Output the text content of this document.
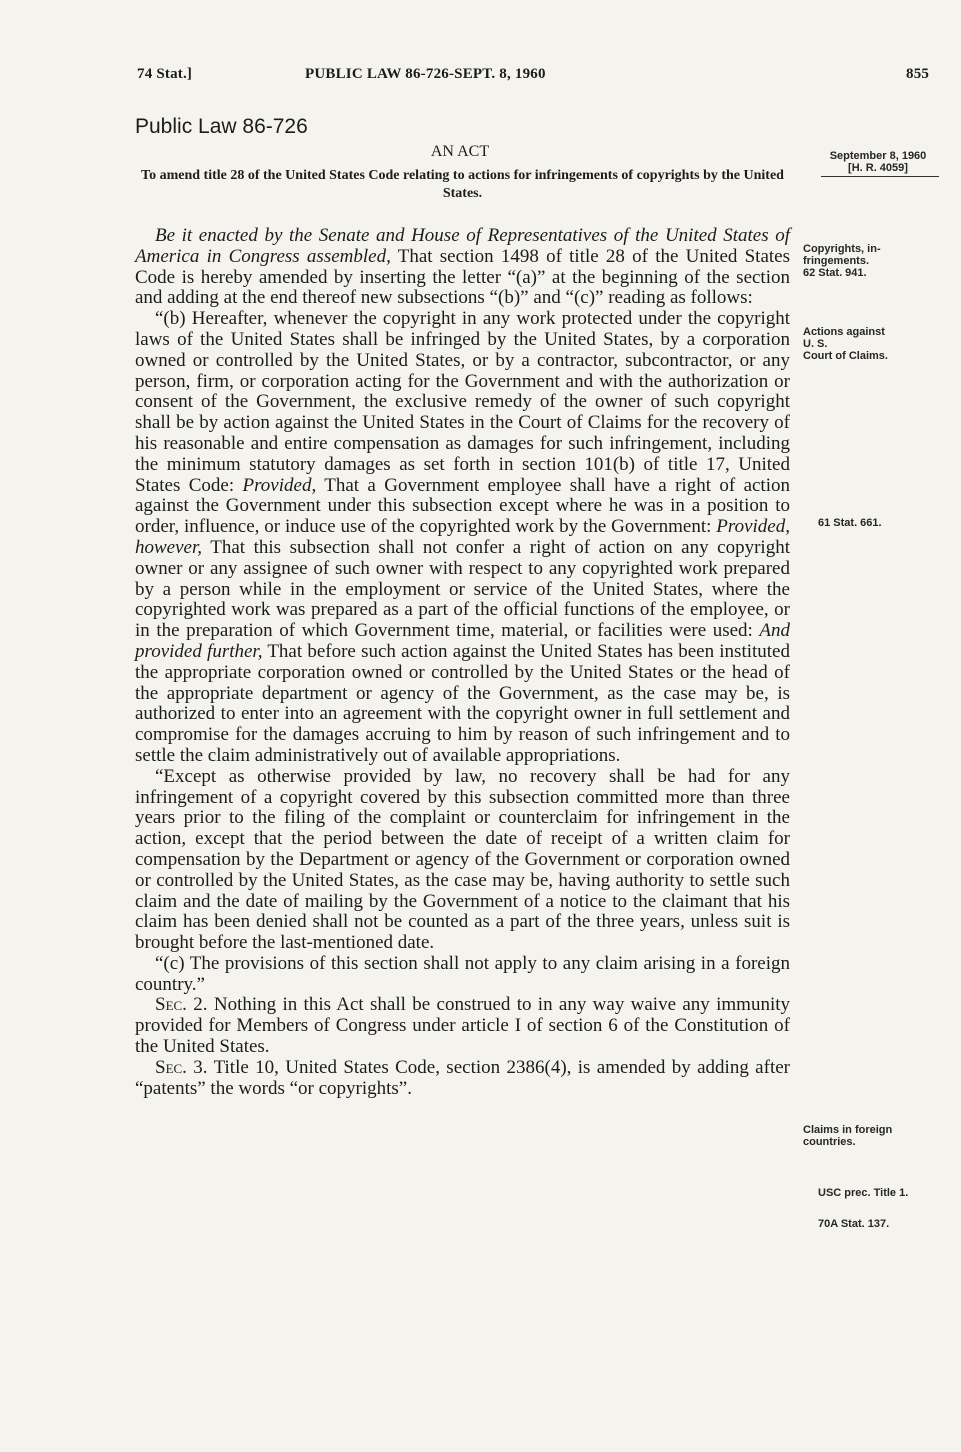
74 Stat.]	PUBLIC LAW 86-726-SEPT. 8, 1960	855
Public Law 86-726
AN ACT
To amend title 28 of the United States Code relating to actions for infringements of copyrights by the United States.

Be it enacted by the Senate and House of Representatives of the United States of America in Congress assembled, That section 1498 of title 28 of the United States Code is hereby amended by inserting the letter “(a)” at the beginning of the section and adding at the end thereof new subsections “(b)” and “(c)” reading as follows:

“(b) Hereafter, whenever the copyright in any work protected under the copyright laws of the United States shall be infringed by the United States, by a corporation owned or controlled by the United States, or by a contractor, subcontractor, or any person, firm, or corporation acting for the Government and with the authorization or consent of the Government, the exclusive remedy of the owner of such copyright shall be by action against the United States in the Court of Claims for the recovery of his reasonable and entire compensation as damages for such infringement, including the minimum statutory damages as set forth in section 101(b) of title 17, United States Code: Provided, That a Government employee shall have a right of action against the Government under this subsection except where he was in a position to order, influence, or induce use of the copyrighted work by the Government: Provided, however, That this subsection shall not confer a right of action on any copyright owner or any assignee of such owner with respect to any copyrighted work prepared by a person while in the employment or service of the United States, where the copyrighted work was prepared as a part of the official functions of the employee, or in the preparation of which Government time, material, or facilities were used: And provided further, That before such action against the United States has been instituted the appropriate corporation owned or controlled by the United States or the head of the appropriate department or agency of the Government, as the case may be, is authorized to enter into an agreement with the copyright owner in full settlement and compromise for the damages accruing to him by reason of such infringement and to settle the claim administratively out of available appropriations.

“Except as otherwise provided by law, no recovery shall be had for any infringement of a copyright covered by this subsection committed more than three years prior to the filing of the complaint or counterclaim for infringement in the action, except that the period between the date of receipt of a written claim for compensation by the Department or agency of the Government or corporation owned or controlled by the United States, as the case may be, having authority to settle such claim and the date of mailing by the Government of a notice to the claimant that his claim has been denied shall not be counted as a part of the three years, unless suit is brought before the last-mentioned date.

“(c) The provisions of this section shall not apply to any claim arising in a foreign country.”

Sec. 2. Nothing in this Act shall be construed to in any way waive any immunity provided for Members of Congress under article I of section 6 of the Constitution of the United States.

Sec. 3. Title 10, United States Code, section 2386(4), is amended by adding after “patents” the words “or copyrights”.

September 8, 1960
[H. R. 4059]
Copyrights, in-
fringements.
62 Stat. 941.
Actions against
U. S.
Court of Claims.
61 Stat. 661.
Claims in foreign
countries.
USC prec. Title 1.
70A Stat. 137.
